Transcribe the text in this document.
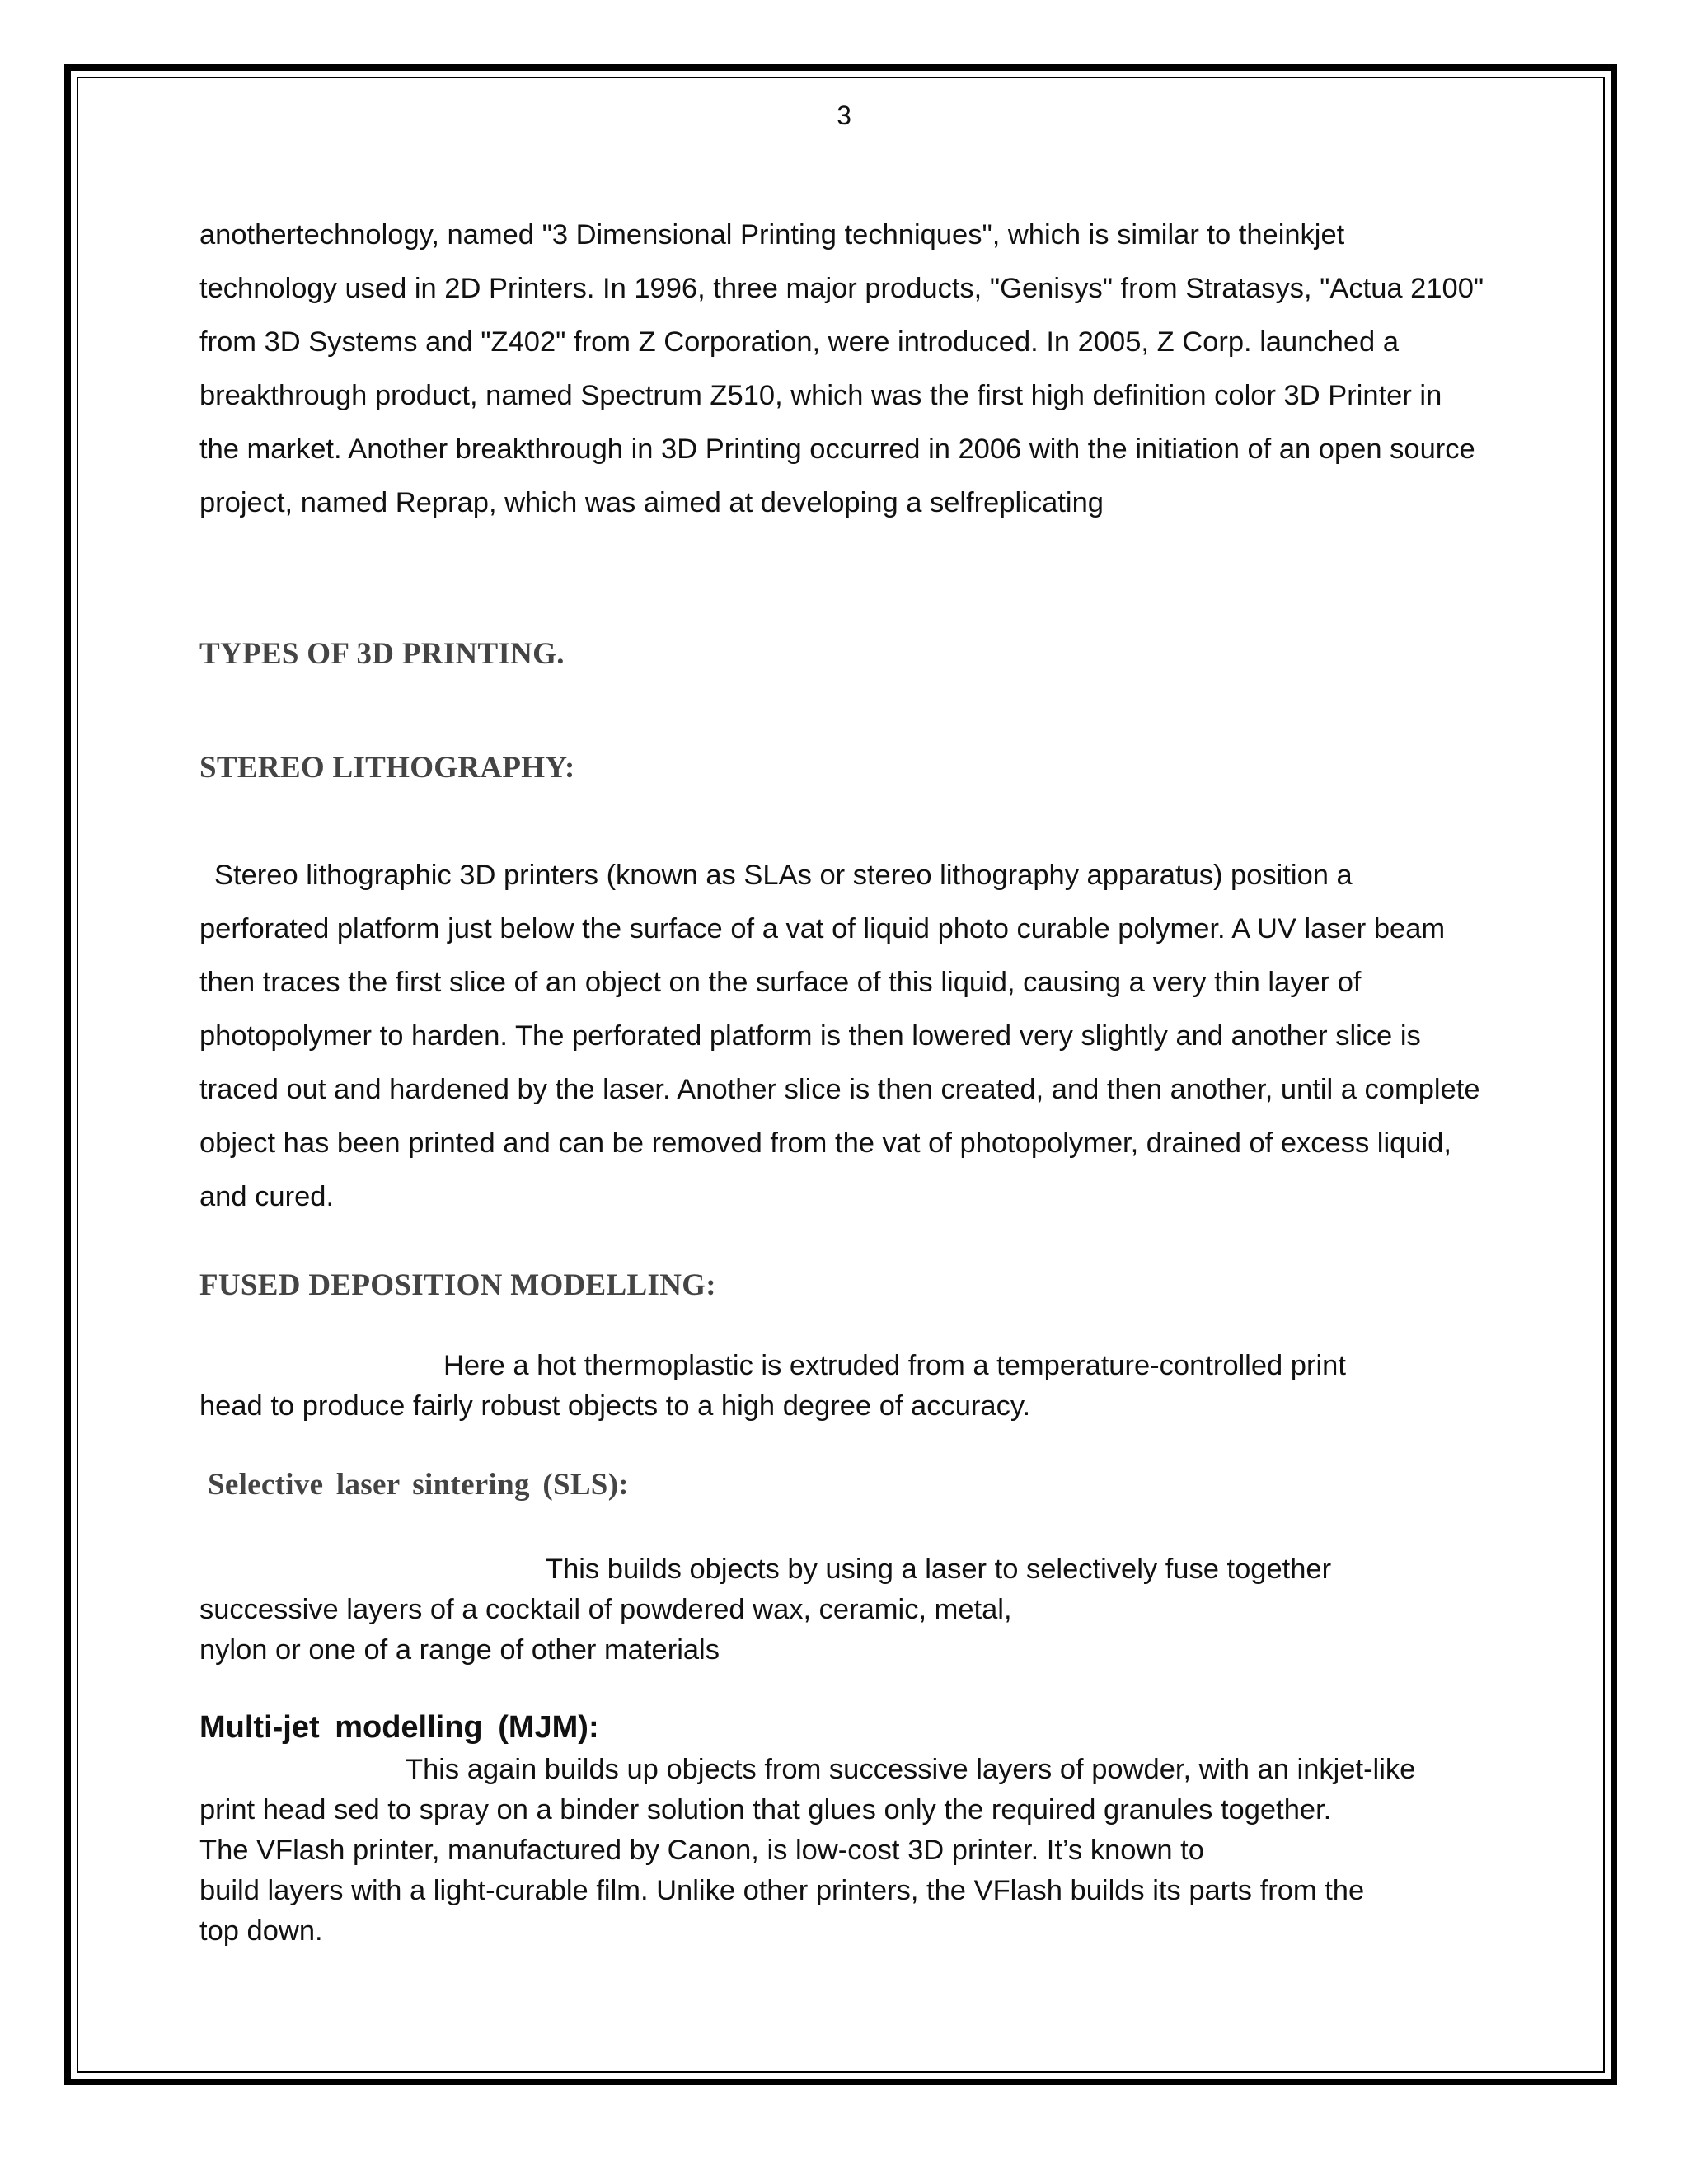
3

anothertechnology, named "3 Dimensional Printing techniques", which is similar to theinkjet technology used in 2D Printers. In 1996, three major products, "Genisys" from Stratasys, "Actua 2100" from 3D Systems and "Z402" from Z Corporation, were introduced. In 2005, Z Corp. launched a breakthrough product, named Spectrum Z510, which was the first high definition color 3D Printer in the market. Another breakthrough in 3D Printing occurred in 2006 with the initiation of an open source project, named Reprap, which was aimed at developing a selfreplicating

TYPES OF 3D PRINTING.
STEREO LITHOGRAPHY:

Stereo lithographic 3D printers (known as SLAs or stereo lithography apparatus) position a perforated platform just below the surface of a vat of liquid photo curable polymer. A UV laser beam then traces the first slice of an object on the surface of this liquid, causing a very thin layer of photopolymer to harden. The perforated platform is then lowered very slightly and another slice is traced out and hardened by the laser. Another slice is then created, and then another, until a complete object has been printed and can be removed from the vat of photopolymer, drained of excess liquid, and cured.

FUSED DEPOSITION MODELLING:
Here a hot thermoplastic is extruded from a temperature-controlled print
head to produce fairly robust objects to a high degree of accuracy.
Selective laser sintering (SLS):
This builds objects by using a laser to selectively fuse together
successive layers of a cocktail of powdered wax, ceramic, metal,
nylon or one of a range of other materials
Multi-jet modelling (MJM):
This again builds up objects from successive layers of powder, with an inkjet-like
print head sed to spray on a binder solution that glues only the required granules together.
The VFlash printer, manufactured by Canon, is low-cost 3D printer. It’s known to
build layers with a light-curable film. Unlike other printers, the VFlash builds its parts from the
top down.
